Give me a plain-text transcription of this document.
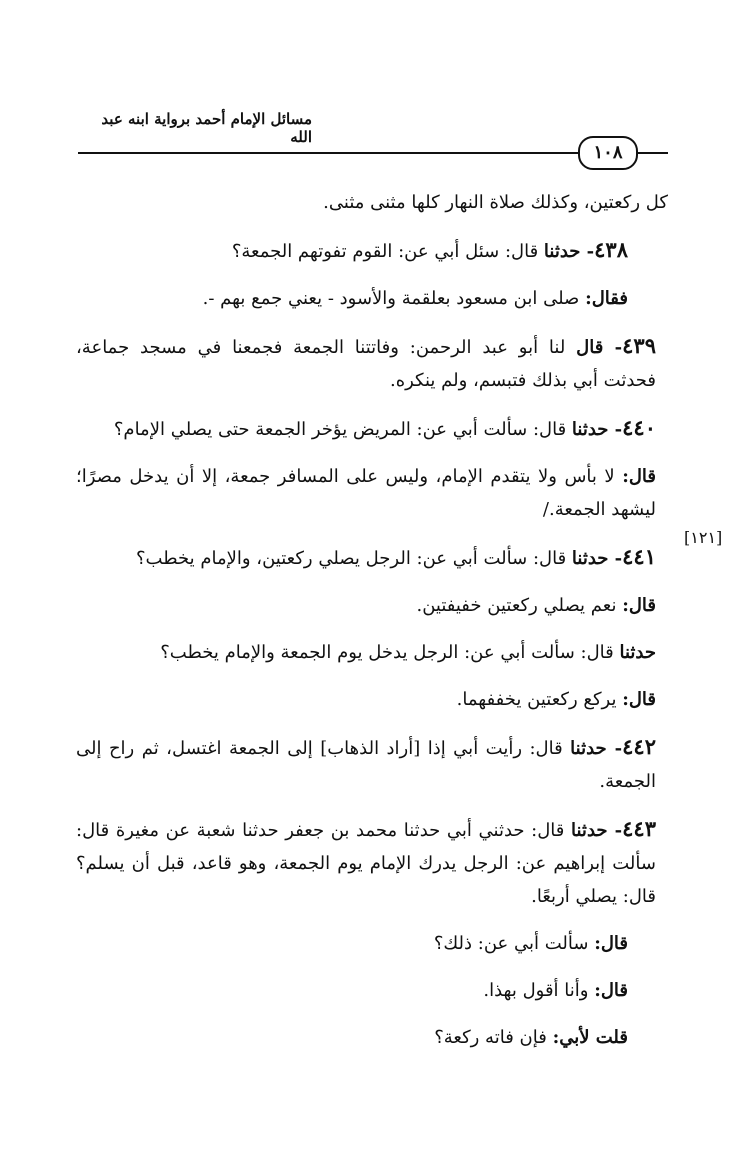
مسائل الإمام أحمد برواية ابنه عبد الله
١٠٨
[١٢١]

كل ركعتين، وكذلك صلاة النهار كلها مثنى مثنى.

٤٣٨- حدثنا قال: سئل أبي عن: القوم تفوتهم الجمعة؟

فقال: صلى ابن مسعود بعلقمة والأسود - يعني جمع بهم -.

٤٣٩- قال لنا أبو عبد الرحمن: وفاتتنا الجمعة فجمعنا في مسجد جماعة، فحدثت أبي بذلك فتبسم، ولم ينكره.

٤٤٠- حدثنا قال: سألت أبي عن: المريض يؤخر الجمعة حتى يصلي الإمام؟

قال: لا بأس ولا يتقدم الإمام، وليس على المسافر جمعة، إلا أن يدخل مصرًا؛ ليشهد الجمعة./

٤٤١- حدثنا قال: سألت أبي عن: الرجل يصلي ركعتين، والإمام يخطب؟

قال: نعم يصلي ركعتين خفيفتين.

حدثنا قال: سألت أبي عن: الرجل يدخل يوم الجمعة والإمام يخطب؟

قال: يركع ركعتين يخففهما.

٤٤٢- حدثنا قال: رأيت أبي إذا [أراد الذهاب] إلى الجمعة اغتسل، ثم راح إلى الجمعة.

٤٤٣- حدثنا قال: حدثني أبي حدثنا محمد بن جعفر حدثنا شعبة عن مغيرة قال: سألت إبراهيم عن: الرجل يدرك الإمام يوم الجمعة، وهو قاعد، قبل أن يسلم؟ قال: يصلي أربعًا.

قال: سألت أبي عن: ذلك؟

قال: وأنا أقول بهذا.

قلت لأبي: فإن فاته ركعة؟
